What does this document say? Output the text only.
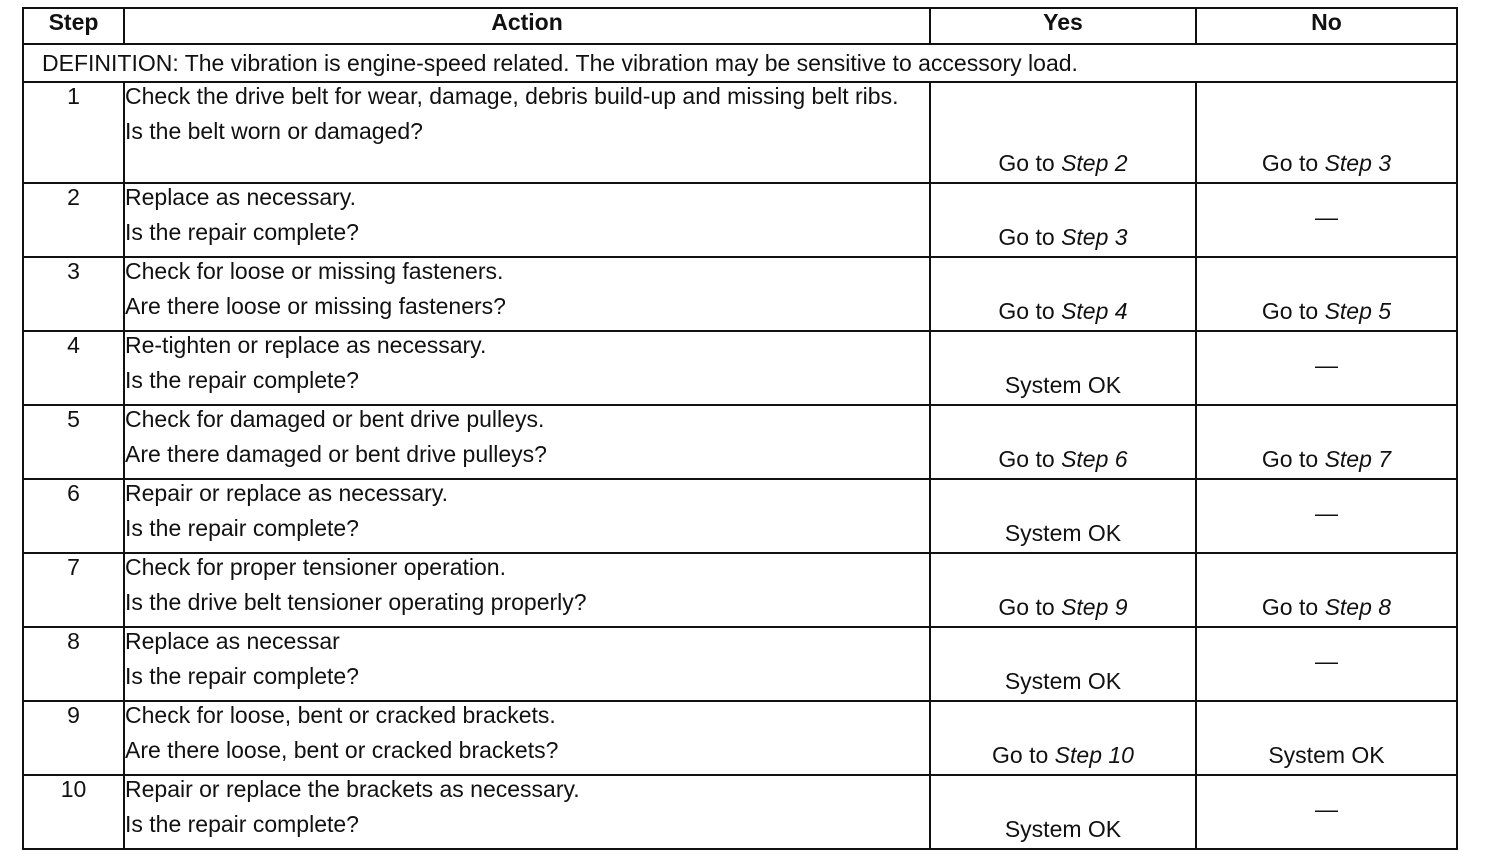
Step	Action	Yes	No
DEFINITION: The vibration is engine-speed related. The vibration may be sensitive to accessory load.			
1	Check the drive belt for wear, damage, debris build-up and missing belt ribs.
Is the belt worn or damaged?	Go to Step 2	Go to Step 3

2	Replace as necessary.
Is the repair complete?	Go to Step 3	—

3	Check for loose or missing fasteners.
Are there loose or missing fasteners?	Go to Step 4	Go to Step 5

4	Re-tighten or replace as necessary.
Is the repair complete?	System OK	—

5	Check for damaged or bent drive pulleys.
Are there damaged or bent drive pulleys?	Go to Step 6	Go to Step 7

6	Repair or replace as necessary.
Is the repair complete?	System OK	—

7	Check for proper tensioner operation.
Is the drive belt tensioner operating properly?	Go to Step 9	Go to Step 8

8	Replace as necessar
Is the repair complete?	System OK	—

9	Check for loose, bent or cracked brackets.
Are there loose, bent or cracked brackets?	Go to Step 10	System OK

10	Repair or replace the brackets as necessary.
Is the repair complete?	System OK	—
